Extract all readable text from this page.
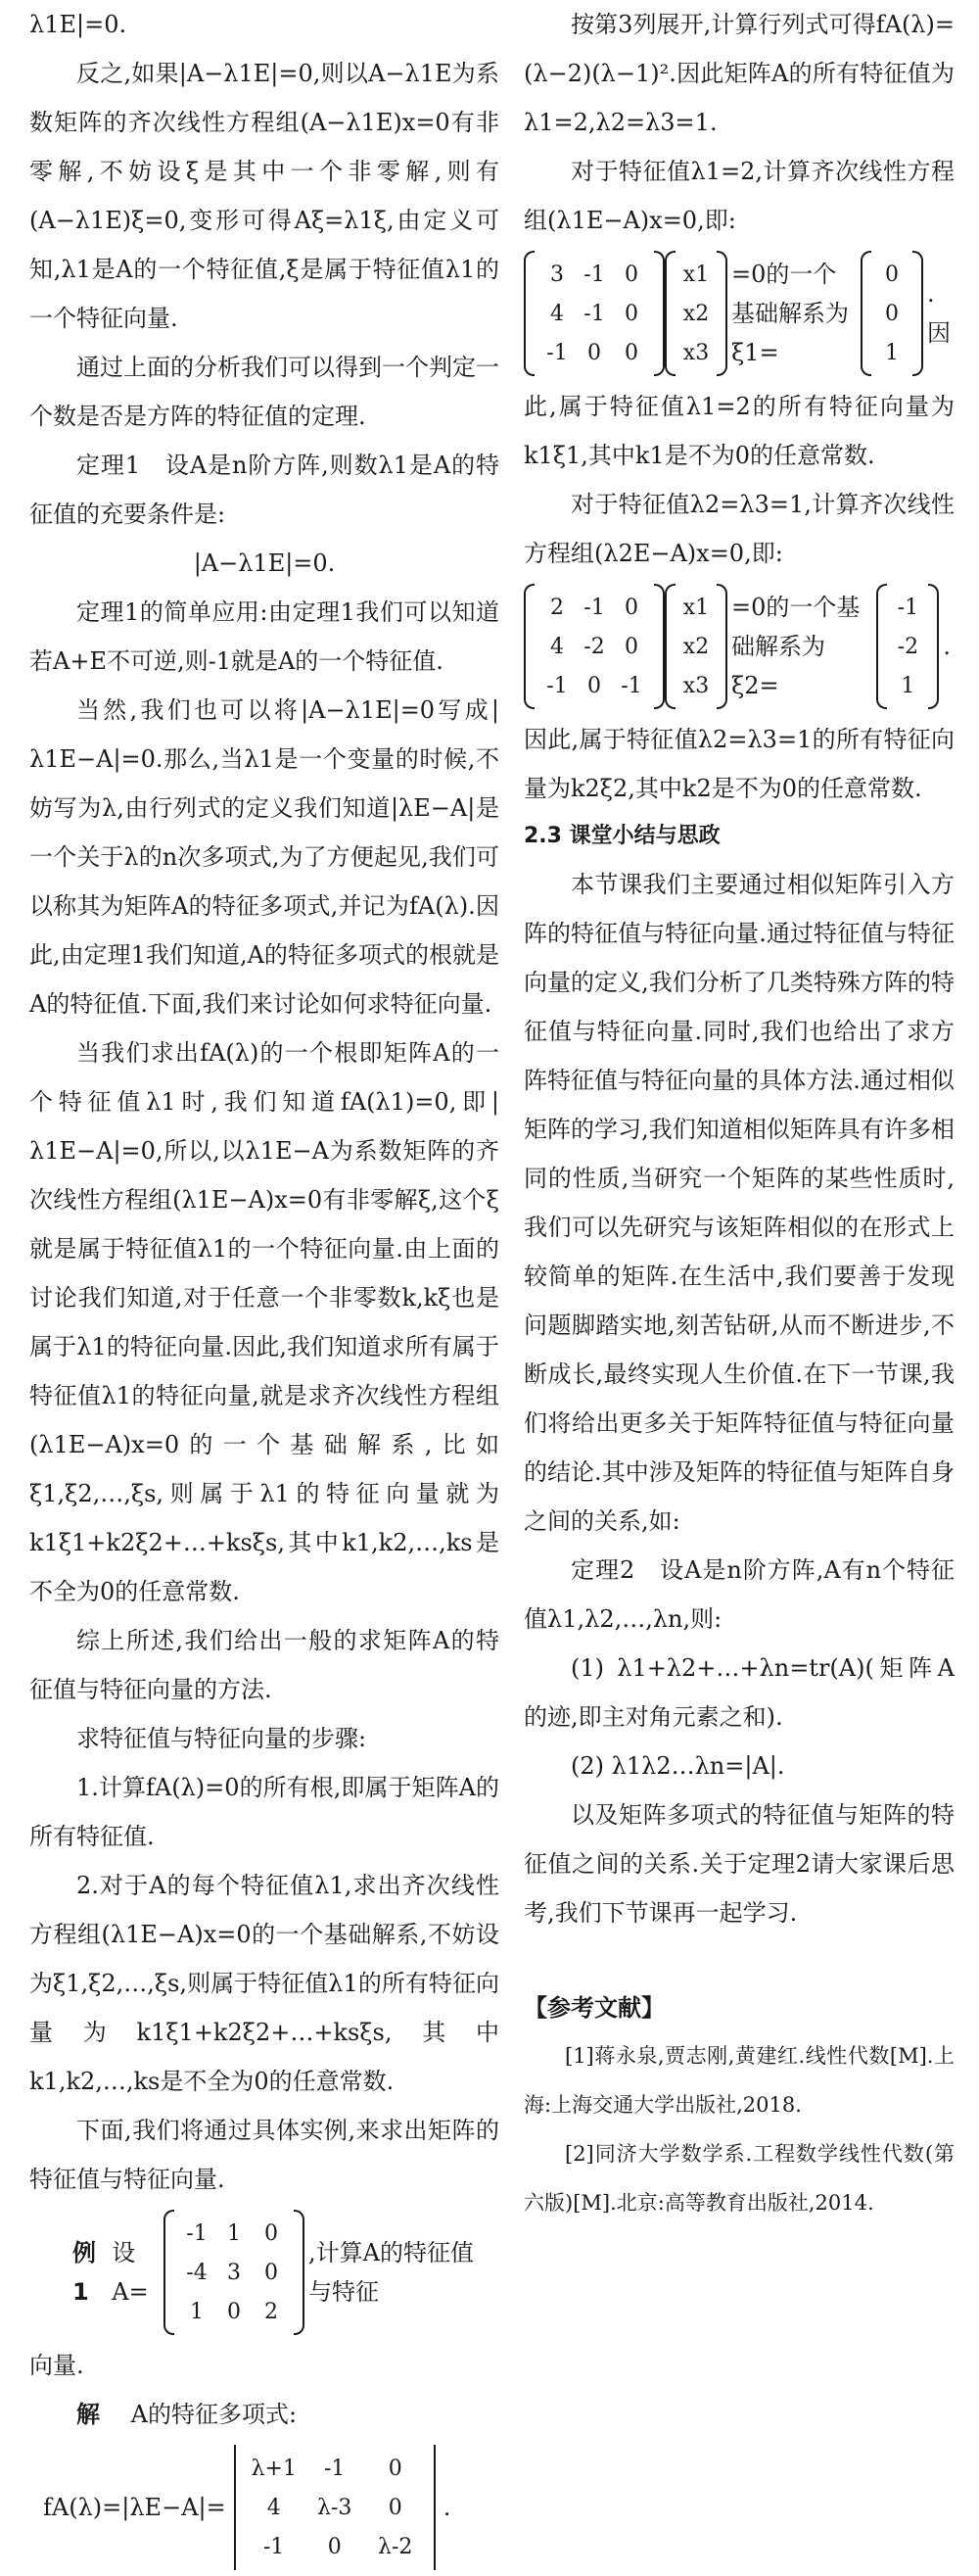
λ1E|=0.

反之,如果|A−λ1E|=0,则以A−λ1E为系数矩阵的齐次线性方程组(A−λ1E)x=0有非零解,不妨设ξ是其中一个非零解,则有(A−λ1E)ξ=0,变形可得Aξ=λ1ξ,由定义可知,λ1是A的一个特征值,ξ是属于特征值λ1的一个特征向量.

通过上面的分析我们可以得到一个判定一个数是否是方阵的特征值的定理.

定理1　设A是n阶方阵,则数λ1是A的特征值的充要条件是:

|A−λ1E|=0.

定理1的简单应用:由定理1我们可以知道若A+E不可逆,则-1就是A的一个特征值.

当然,我们也可以将|A−λ1E|=0写成|λ1E−A|=0.那么,当λ1是一个变量的时候,不妨写为λ,由行列式的定义我们知道|λE−A|是一个关于λ的n次多项式,为了方便起见,我们可以称其为矩阵A的特征多项式,并记为fA(λ).因此,由定理1我们知道,A的特征多项式的根就是A的特征值.下面,我们来讨论如何求特征向量.

当我们求出fA(λ)的一个根即矩阵A的一个特征值λ1时,我们知道fA(λ1)=0,即|λ1E−A|=0,所以,以λ1E−A为系数矩阵的齐次线性方程组(λ1E−A)x=0有非零解ξ,这个ξ就是属于特征值λ1的一个特征向量.由上面的讨论我们知道,对于任意一个非零数k,kξ也是属于λ1的特征向量.因此,我们知道求所有属于特征值λ1的特征向量,就是求齐次线性方程组(λ1E−A)x=0的一个基础解系,比如ξ1,ξ2,…,ξs,则属于λ1的特征向量就为k1ξ1+k2ξ2+…+ksξs,其中k1,k2,…,ks是不全为0的任意常数.

综上所述,我们给出一般的求矩阵A的特征值与特征向量的方法.

求特征值与特征向量的步骤:

1.计算fA(λ)=0的所有根,即属于矩阵A的所有特征值.

2.对于A的每个特征值λ1,求出齐次线性方程组(λ1E−A)x=0的一个基础解系,不妨设为ξ1,ξ2,…,ξs,则属于特征值λ1的所有特征向量为k1ξ1+k2ξ2+…+ksξs,其中k1,k2,…,ks是不全为0的任意常数.

下面,我们将通过具体实例,来求出矩阵的特征值与特征向量.

例1
设A=
-1 1	0
-4 3	0
1	0	2
,计算A的特征值与特征

向量.

解 　 A的特征多项式:

fA(λ)=|λE−A|=
λ+1	-1	0
4	λ-3	0
-1	0	λ-2
.

按第3列展开,计算行列式可得fA(λ)=(λ−2)(λ−1)².因此矩阵A的所有特征值为λ1=2,λ2=λ3=1.

对于特征值λ1=2,计算齐次线性方程组(λ1E−A)x=0,即:

3 -1 0
4 -1 0
-1 0	0
x1
x2
x3
=0的一个基础解系为ξ1=
0
0
1
.因

此,属于特征值λ1=2的所有特征向量为k1ξ1,其中k1是不为0的任意常数.

对于特征值λ2=λ3=1,计算齐次线性方程组(λ2E−A)x=0,即:

2 -1 0
4 -2 0
-1 0 -1
x1
x2
x3
=0的一个基础解系为ξ2=
-1
-2
1
.

因此,属于特征值λ2=λ3=1的所有特征向量为k2ξ2,其中k2是不为0的任意常数.

2.3 课堂小结与思政

本节课我们主要通过相似矩阵引入方阵的特征值与特征向量.通过特征值与特征向量的定义,我们分析了几类特殊方阵的特征值与特征向量.同时,我们也给出了求方阵特征值与特征向量的具体方法.通过相似矩阵的学习,我们知道相似矩阵具有许多相同的性质,当研究一个矩阵的某些性质时,我们可以先研究与该矩阵相似的在形式上较简单的矩阵.在生活中,我们要善于发现问题脚踏实地,刻苦钻研,从而不断进步,不断成长,最终实现人生价值.在下一节课,我们将给出更多关于矩阵特征值与特征向量的结论.其中涉及矩阵的特征值与矩阵自身之间的关系,如:

定理2　设A是n阶方阵,A有n个特征值λ1,λ2,…,λn,则:

(1) λ1+λ2+…+λn=tr(A)(矩阵A的迹,即主对角元素之和).

(2) λ1λ2…λn=|A|.

以及矩阵多项式的特征值与矩阵的特征值之间的关系.关于定理2请大家课后思考,我们下节课再一起学习.

【参考文献】

[1]蒋永泉,贾志刚,黄建红.线性代数[M].上海:上海交通大学出版社,2018.

[2]同济大学数学系.工程数学线性代数(第六版)[M].北京:高等教育出版社,2014.
